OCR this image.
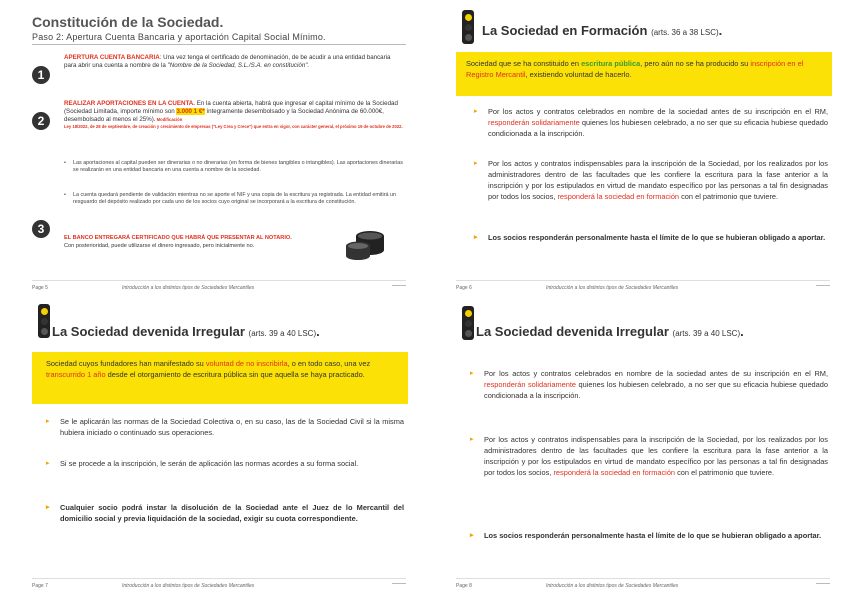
Constitución de la Sociedad.
Paso 2: Apertura Cuenta Bancaria y aportación Capital Social Mínimo.
1
APERTURA CUENTA BANCARIA: Una vez tenga el certificado de denominación, de be acudir a una entidad bancaria para abrir una cuenta a nombre de la "Nombre de la Sociedad, S.L./S.A. en constitución".
2
REALIZAR APORTACIONES EN LA CUENTA. En la cuenta abierta, habrá que ingresar el capital mínimo de la Sociedad (Sociedad Limitada, importe mínimo son 3.000 1 €* íntegramente desembolsado y la Sociedad Anónima de 60.000€, desembolsado al menos el 25%). Modificación
Ley 18/2022, de 28 de septiembre, de creación y crecimiento de empresas ("Ley Crea y Crece") que entra en vigor, con carácter general, el próximo 19 de octubre de 2022.
• Las aportaciones al capital pueden ser dinerarias o no dinerarias (en forma de bienes tangibles o intangibles). Las aportaciones dinerarias se realizarán en una entidad bancaria en una cuenta a nombre de la sociedad.
• La cuenta quedará pendiente de validación mientras no se aporte el NIF y una copia de la escritura ya registrada. La entidad emitirá un resguardo del depósito realizado por cada uno de los socios cuyo original se incorporará a la escritura de constitución.
3
EL BANCO ENTREGARÁ CERTIFICADO QUE HABRÁ QUE PRESENTAR AL NOTARIO.
Con posterioridad, puede utilizarse el dinero ingresado, pero inicialmente no.
Page 5	Introducción a los distintos tipos de Sociedades Mercantiles
La Sociedad en Formación (arts. 36 a 38 LSC).
Sociedad que se ha constituido en escritura pública, pero aún no se ha producido su inscripción en el Registro Mercantil, existiendo voluntad de hacerlo.
▸ Por los actos y contratos celebrados en nombre de la sociedad antes de su inscripción en el RM, responderán solidariamente quienes los hubiesen celebrado, a no ser que su eficacia hubiese quedado condicionada a la inscripción.
▸ Por los actos y contratos indispensables para la inscripción de la Sociedad, por los realizados por los administradores dentro de las facultades que les confiere la escritura para la fase anterior a la inscripción y por los estipulados en virtud de mandato específico por las personas a tal fin designadas por todos los socios, responderá la sociedad en formación con el patrimonio que tuviere.
▸ Los socios responderán personalmente hasta el límite de lo que se hubieran obligado a aportar.
Page 6	Introducción a los distintos tipos de Sociedades Mercantiles
La Sociedad devenida Irregular (arts. 39 a 40 LSC).
Sociedad cuyos fundadores han manifestado su voluntad de no inscribirla, o en todo caso, una vez transcurrido 1 año desde el otorgamiento de escritura pública sin que aquella se haya practicado.
▸ Se le aplicarán las normas de la Sociedad Colectiva o, en su caso, las de la Sociedad Civil si la misma hubiera iniciado o continuado sus operaciones.
▸ Si se procede a la inscripción, le serán de aplicación las normas acordes a su forma social.
▸ Cualquier socio podrá instar la disolución de la Sociedad ante el Juez de lo Mercantil del domicilio social y previa liquidación de la sociedad, exigir su cuota correspondiente.
Page 7	Introducción a los distintos tipos de Sociedades Mercantiles
La Sociedad devenida Irregular (arts. 39 a 40 LSC).
▸ Por los actos y contratos celebrados en nombre de la sociedad antes de su inscripción en el RM, responderán solidariamente quienes los hubiesen celebrado, a no ser que su eficacia hubiese quedado condicionada a la inscripción.
▸ Por los actos y contratos indispensables para la inscripción de la Sociedad, por los realizados por los administradores dentro de las facultades que les confiere la escritura para la fase anterior a la inscripción y por los estipulados en virtud de mandato específico por las personas a tal fin designadas por todos los socios, responderá la sociedad en formación con el patrimonio que tuviere.
▸ Los socios responderán personalmente hasta el límite de lo que se hubieran obligado a aportar.
Page 8	Introducción a los distintos tipos de Sociedades Mercantiles
